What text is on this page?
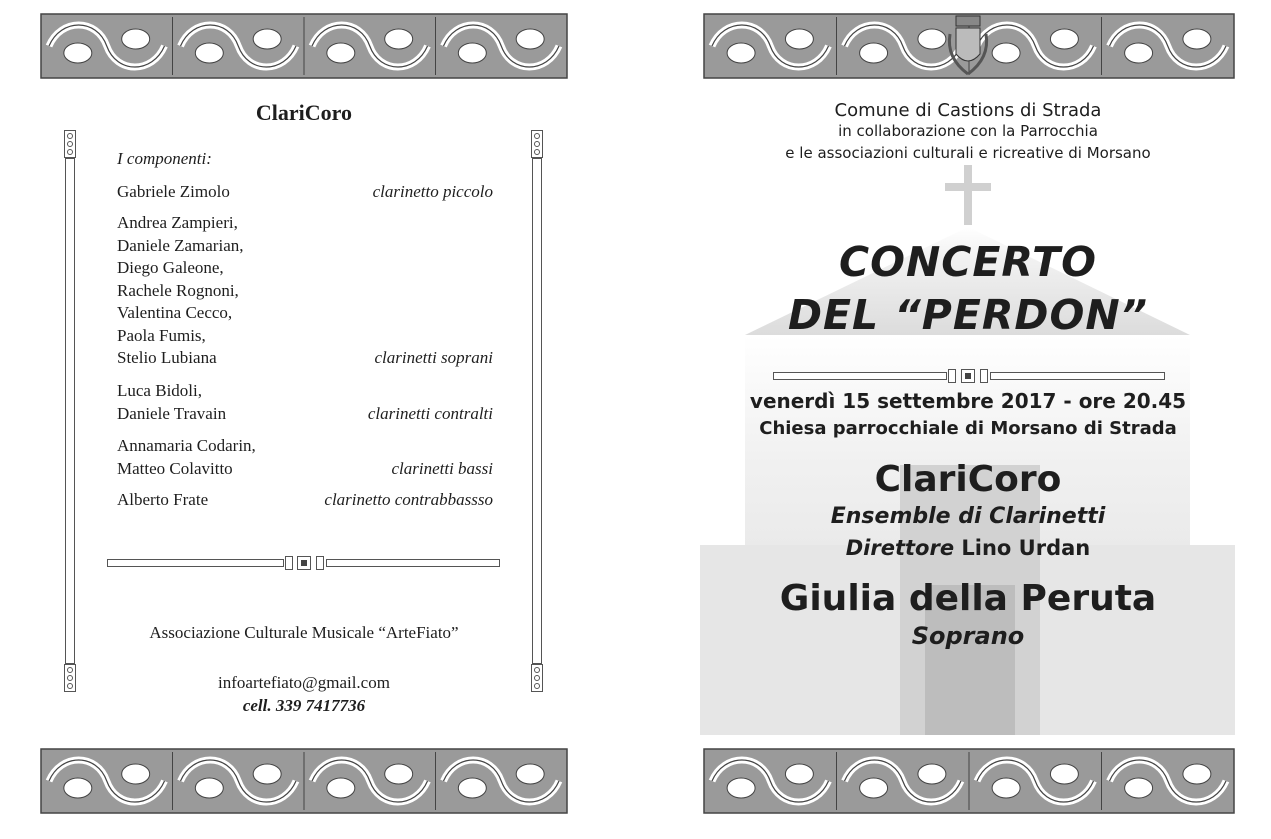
ClariCoro
I componenti:
Gabriele Zimolo	clarinetto piccolo
Andrea Zampieri,
Daniele Zamarian,
Diego Galeone,
Rachele Rognoni,
Valentina Cecco,
Paola Fumis,
Stelio Lubiana	clarinetti soprani
Luca Bidoli,
Daniele Travain	clarinetti contralti
Annamaria Codarin,
Matteo Colavitto	clarinetti bassi
Alberto Frate	clarinetto contrabbassso
Associazione Culturale Musicale “ArteFiato”
infoartefiato@gmail.com
cell. 339 7417736
Comune di Castions di Strada
in collaborazione con la Parrocchia
e le associazioni culturali e ricreative di Morsano
CONCERTO
DEL “PERDON”
venerdì 15 settembre 2017 - ore 20.45
Chiesa parrocchiale di Morsano di Strada
ClariCoro
Ensemble di Clarinetti
Direttore Lino Urdan
Giulia della Peruta
Soprano
